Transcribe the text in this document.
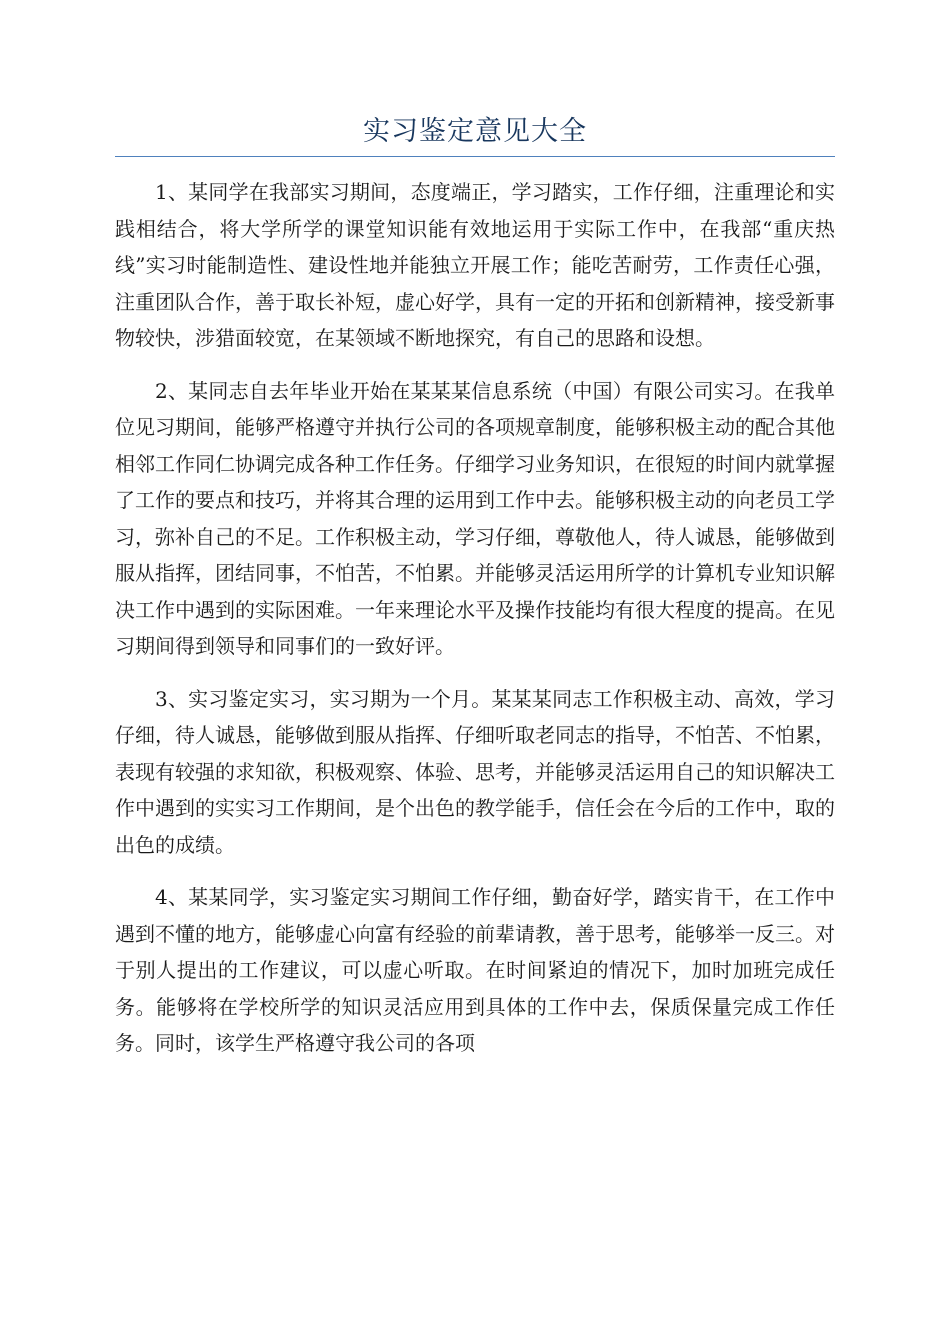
实习鉴定意见大全

1、某同学在我部实习期间，态度端正，学习踏实，工作仔细，注重理论和实践相结合，将大学所学的课堂知识能有效地运用于实际工作中，在我部“重庆热线”实习时能制造性、建设性地并能独立开展工作；能吃苦耐劳，工作责任心强，注重团队合作，善于取长补短，虚心好学，具有一定的开拓和创新精神，接受新事物较快，涉猎面较宽，在某领域不断地探究，有自己的思路和设想。

2、某同志自去年毕业开始在某某某信息系统（中国）有限公司实习。在我单位见习期间，能够严格遵守并执行公司的各项规章制度，能够积极主动的配合其他相邻工作同仁协调完成各种工作任务。仔细学习业务知识，在很短的时间内就掌握了工作的要点和技巧，并将其合理的运用到工作中去。能够积极主动的向老员工学习，弥补自己的不足。工作积极主动，学习仔细，尊敬他人，待人诚恳，能够做到服从指挥，团结同事，不怕苦，不怕累。并能够灵活运用所学的计算机专业知识解决工作中遇到的实际困难。一年来理论水平及操作技能均有很大程度的提高。在见习期间得到领导和同事们的一致好评。

3、实习鉴定实习，实习期为一个月。某某某同志工作积极主动、高效，学习仔细，待人诚恳，能够做到服从指挥、仔细听取老同志的指导，不怕苦、不怕累，表现有较强的求知欲，积极观察、体验、思考，并能够灵活运用自己的知识解决工作中遇到的实实习工作期间，是个出色的教学能手，信任会在今后的工作中，取的出色的成绩。

4、某某同学，实习鉴定实习期间工作仔细，勤奋好学，踏实肯干，在工作中遇到不懂的地方，能够虚心向富有经验的前辈请教，善于思考，能够举一反三。对于别人提出的工作建议，可以虚心听取。在时间紧迫的情况下，加时加班完成任务。能够将在学校所学的知识灵活应用到具体的工作中去，保质保量完成工作任务。同时，该学生严格遵守我公司的各项
